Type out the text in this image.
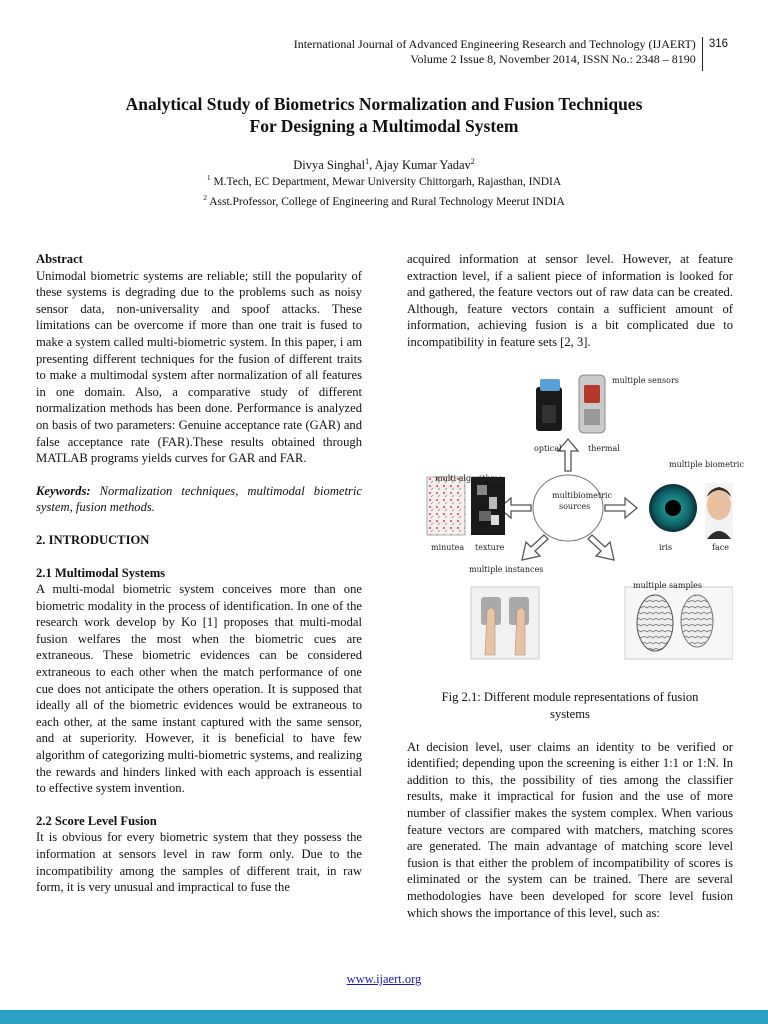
International Journal of Advanced Engineering Research and Technology (IJAERT)
Volume 2 Issue 8, November 2014, ISSN No.: 2348 – 8190
316
Analytical Study of Biometrics Normalization and Fusion Techniques
For Designing a Multimodal System
Divya Singhal$^1$, Ajay Kumar Yadav$^2$
$^1$ M.Tech, EC Department, Mewar University Chittorgarh, Rajasthan, INDIA
$^2$ Asst.Professor, College of Engineering and Rural Technology Meerut INDIA
Abstract

Unimodal biometric systems are reliable; still the popularity of these systems is degrading due to the problems such as noisy sensor data, non-universality and spoof attacks. These limitations can be overcome if more than one trait is fused to make a system called multi-biometric system. In this paper, i am presenting different techniques for the fusion of different traits to make a multimodal system after normalization of all features in one domain. Also, a comparative study of different normalization methods has been done. Performance is analyzed on basis of two parameters: Genuine acceptance rate (GAR) and false acceptance rate (FAR).These results obtained through MATLAB programs yields curves for GAR and FAR.

Keywords: Normalization techniques, multimodal biometric system, fusion methods.

2. INTRODUCTION
2.1 Multimodal Systems

A multi-modal biometric system conceives more than one biometric modality in the process of identification. In one of the research work develop by Ko [1] proposes that multi-modal fusion welfares the most when the biometric cues are extraneous. These biometric evidences can be considered extraneous to each other when the match performance of one cue does not anticipate the others operation. It is supposed that ideally all of the biometric evidences would be extraneous to each other, at the same instant captured with the same sensor, and at superiority. However, it is beneficial to have few algorithm of categorizing multi-biometric systems, and realizing the rewards and hinders linked with each approach is essential to effective system invention.

2.2 Score Level Fusion

It is obvious for every biometric system that they possess the information at sensors level in raw form only. Due to the incompatibility among the samples of different trait, in raw form, it is very unusual and impractical to fuse the

acquired information at sensor level. However, at feature extraction level, if a salient piece of information is looked for and gathered, the feature vectors out of raw data can be created. Although, feature vectors contain a sufficient amount of information, achieving fusion is a bit complicated due to incompatibility in feature sets [2, 3].

multibiometric
sources
multiple sensors
optical	thermal
multiple biometric
multi algorithms
minutea texture	iris	face
multiple instances
multiple samples
Fig 2.1: Different module representations of fusion
systems

At decision level, user claims an identity to be verified or identified; depending upon the screening is either 1:1 or 1:N. In addition to this, the possibility of ties among the classifier results, make it impractical for fusion and the use of more number of classifier makes the system complex. When various feature vectors are compared with matchers, matching scores are generated. The main advantage of matching score level fusion is that either the problem of incompatibility of scores is eliminated or the system can be trained. There are several methodologies have been developed for score level fusion which shows the importance of this level, such as:

www.ijaert.org
